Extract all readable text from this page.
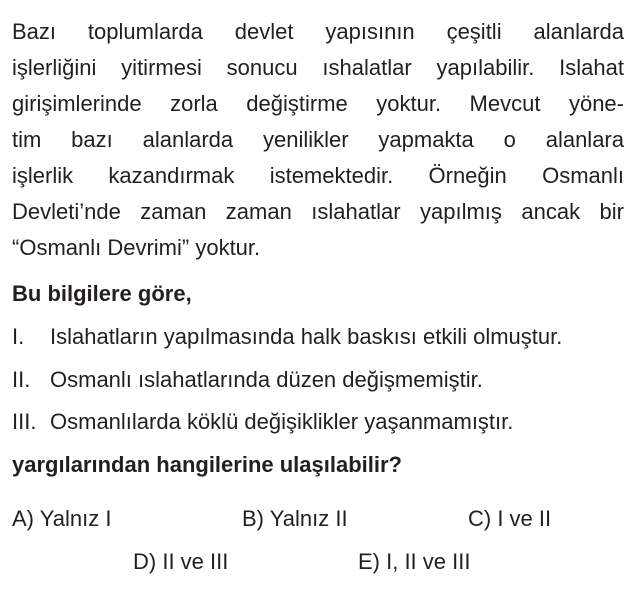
Bazı toplumlarda devlet yapısının çeşitli alanlarda
işlerliğini yitirmesi sonucu ıshalatlar yapılabilir. Islahat
girişimlerinde zorla değiştirme yoktur. Mevcut yöne-
tim bazı alanlarda yenilikler yapmakta o alanlara
işlerlik kazandırmak istemektedir. Örneğin Osmanlı
Devleti’nde zaman zaman ıslahatlar yapılmış ancak bir
“Osmanlı Devrimi” yoktur.
Bu bilgilere göre,
I. Islahatların yapılmasında halk baskısı etkili olmuştur.
II. Osmanlı ıslahatlarında düzen değişmemiştir.
III. Osmanlılarda köklü değişiklikler yaşanmamıştır.
yargılarından hangilerine ulaşılabilir?
A) Yalnız I	B) Yalnız II	C) I ve II
D) II ve III	E) I, II ve III
